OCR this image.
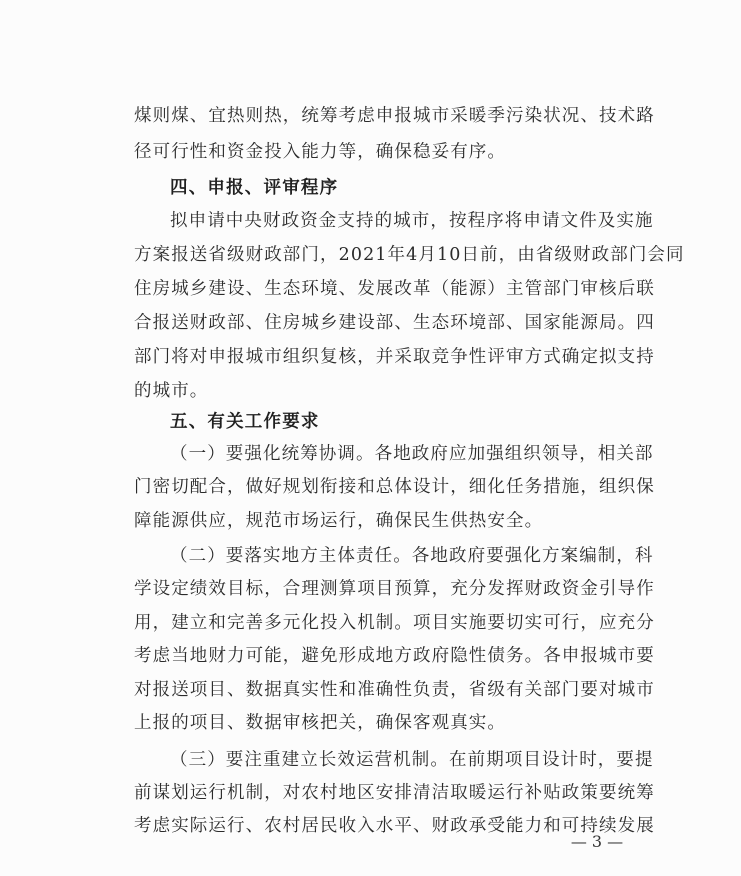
煤则煤、宜热则热，统筹考虑申报城市采暖季污染状况、技术路
径可行性和资金投入能力等，确保稳妥有序。
四、申报、评审程序
拟申请中央财政资金支持的城市，按程序将申请文件及实施
方案报送省级财政部门，2021年4月10日前，由省级财政部门会同
住房城乡建设、生态环境、发展改革（能源）主管部门审核后联
合报送财政部、住房城乡建设部、生态环境部、国家能源局。四
部门将对申报城市组织复核，并采取竞争性评审方式确定拟支持
的城市。
五、有关工作要求
（一）要强化统筹协调。各地政府应加强组织领导，相关部
门密切配合，做好规划衔接和总体设计，细化任务措施，组织保
障能源供应，规范市场运行，确保民生供热安全。
（二）要落实地方主体责任。各地政府要强化方案编制，科
学设定绩效目标，合理测算项目预算，充分发挥财政资金引导作
用，建立和完善多元化投入机制。项目实施要切实可行，应充分
考虑当地财力可能，避免形成地方政府隐性债务。各申报城市要
对报送项目、数据真实性和准确性负责，省级有关部门要对城市
上报的项目、数据审核把关，确保客观真实。
（三）要注重建立长效运营机制。在前期项目设计时，要提
前谋划运行机制，对农村地区安排清洁取暖运行补贴政策要统筹
考虑实际运行、农村居民收入水平、财政承受能力和可持续发展
— 3 —
